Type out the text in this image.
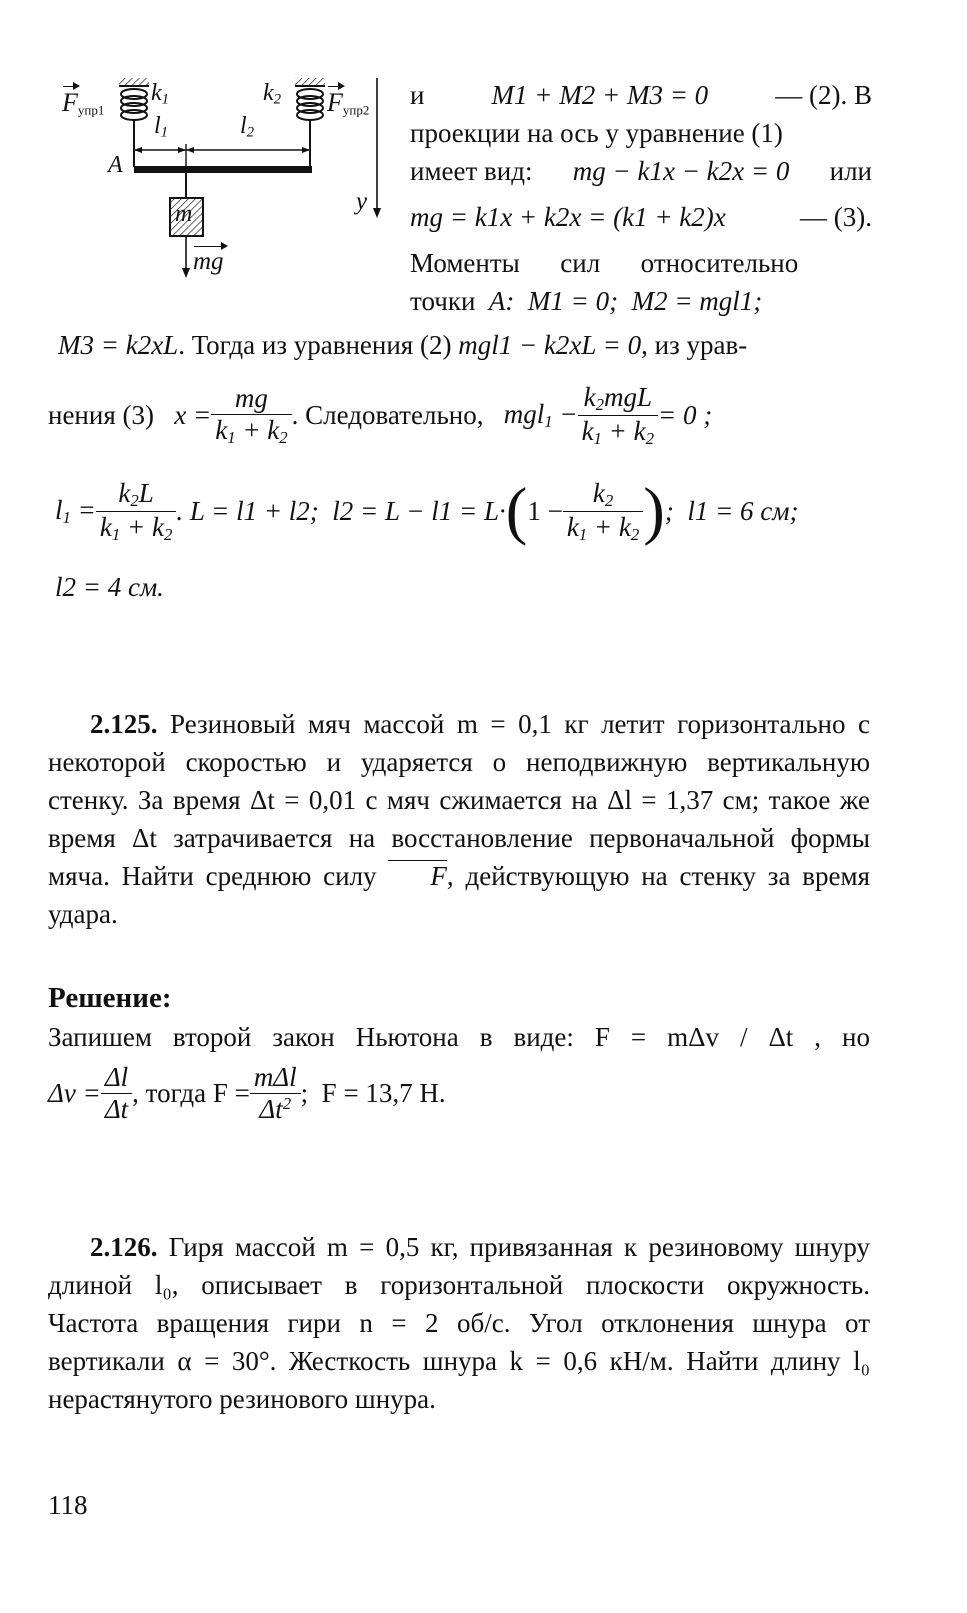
$F_{упр1}$
$k_1$	$k_2$ $F_{упр2}$
$l_1$	$l_2$
A
m
mg
y
и M1 + M2 + M3 = 0 — (2). В
проекции на ось y уравнение (1)
имеет вид: mg − k1x − k2x = 0 или
mg = k1x + k2x = (k1 + k2)x	— (3).
Моменты      сил      относительно
точки A:  M1 = 0;  M2 = mgl1;
M3 = k2xL. Тогда из уравнения (2) mgl1 − k2xL = 0, из урав-
нения (3)
$x = \frac{mg}{k_1 + k_2}$ . Следовательно,
$mgl_1 - \frac{k_2mgL}{k_1 + k_2} = 0$ ;
$l_1 = \frac{k_2L}{k_1 + k_2}$ . L = l1 + l2;  l2 = L − l1 = L· ( $1 - \frac{k_2}{k_1 + k_2}$ ) ;  l1 = 6 см;
l2 = 4 см.
2.125. Резиновый мяч массой m = 0,1 кг летит горизонтально с некоторой скоростью и ударяется о неподвижную вертикальную стенку. За время Δt = 0,01 с мяч сжимается на Δl = 1,37 см; такое же время Δt затрачивается на восстановление первоначальной формы мяча. Найти среднюю силу F, действующую на стенку за время удара.
Решение:
Запишем второй закон Ньютона в виде: F = mΔv / Δt , но
$\Delta v = \frac{\Delta l}{\Delta t}$ , тогда $F = \frac{\text{mΔl}}{\Delta t^2}$ ;  F = 13,7 Н.
2.126. Гиря массой m = 0,5 кг, привязанная к резиновому шнуру длиной l₀, описывает в горизонтальной плоскости окружность. Частота вращения гири n = 2 об/с. Угол отклонения шнура от вертикали α = 30°. Жесткость шнура k = 0,6 кН/м. Найти длину l₀ нерастянутого резинового шнура.
118
